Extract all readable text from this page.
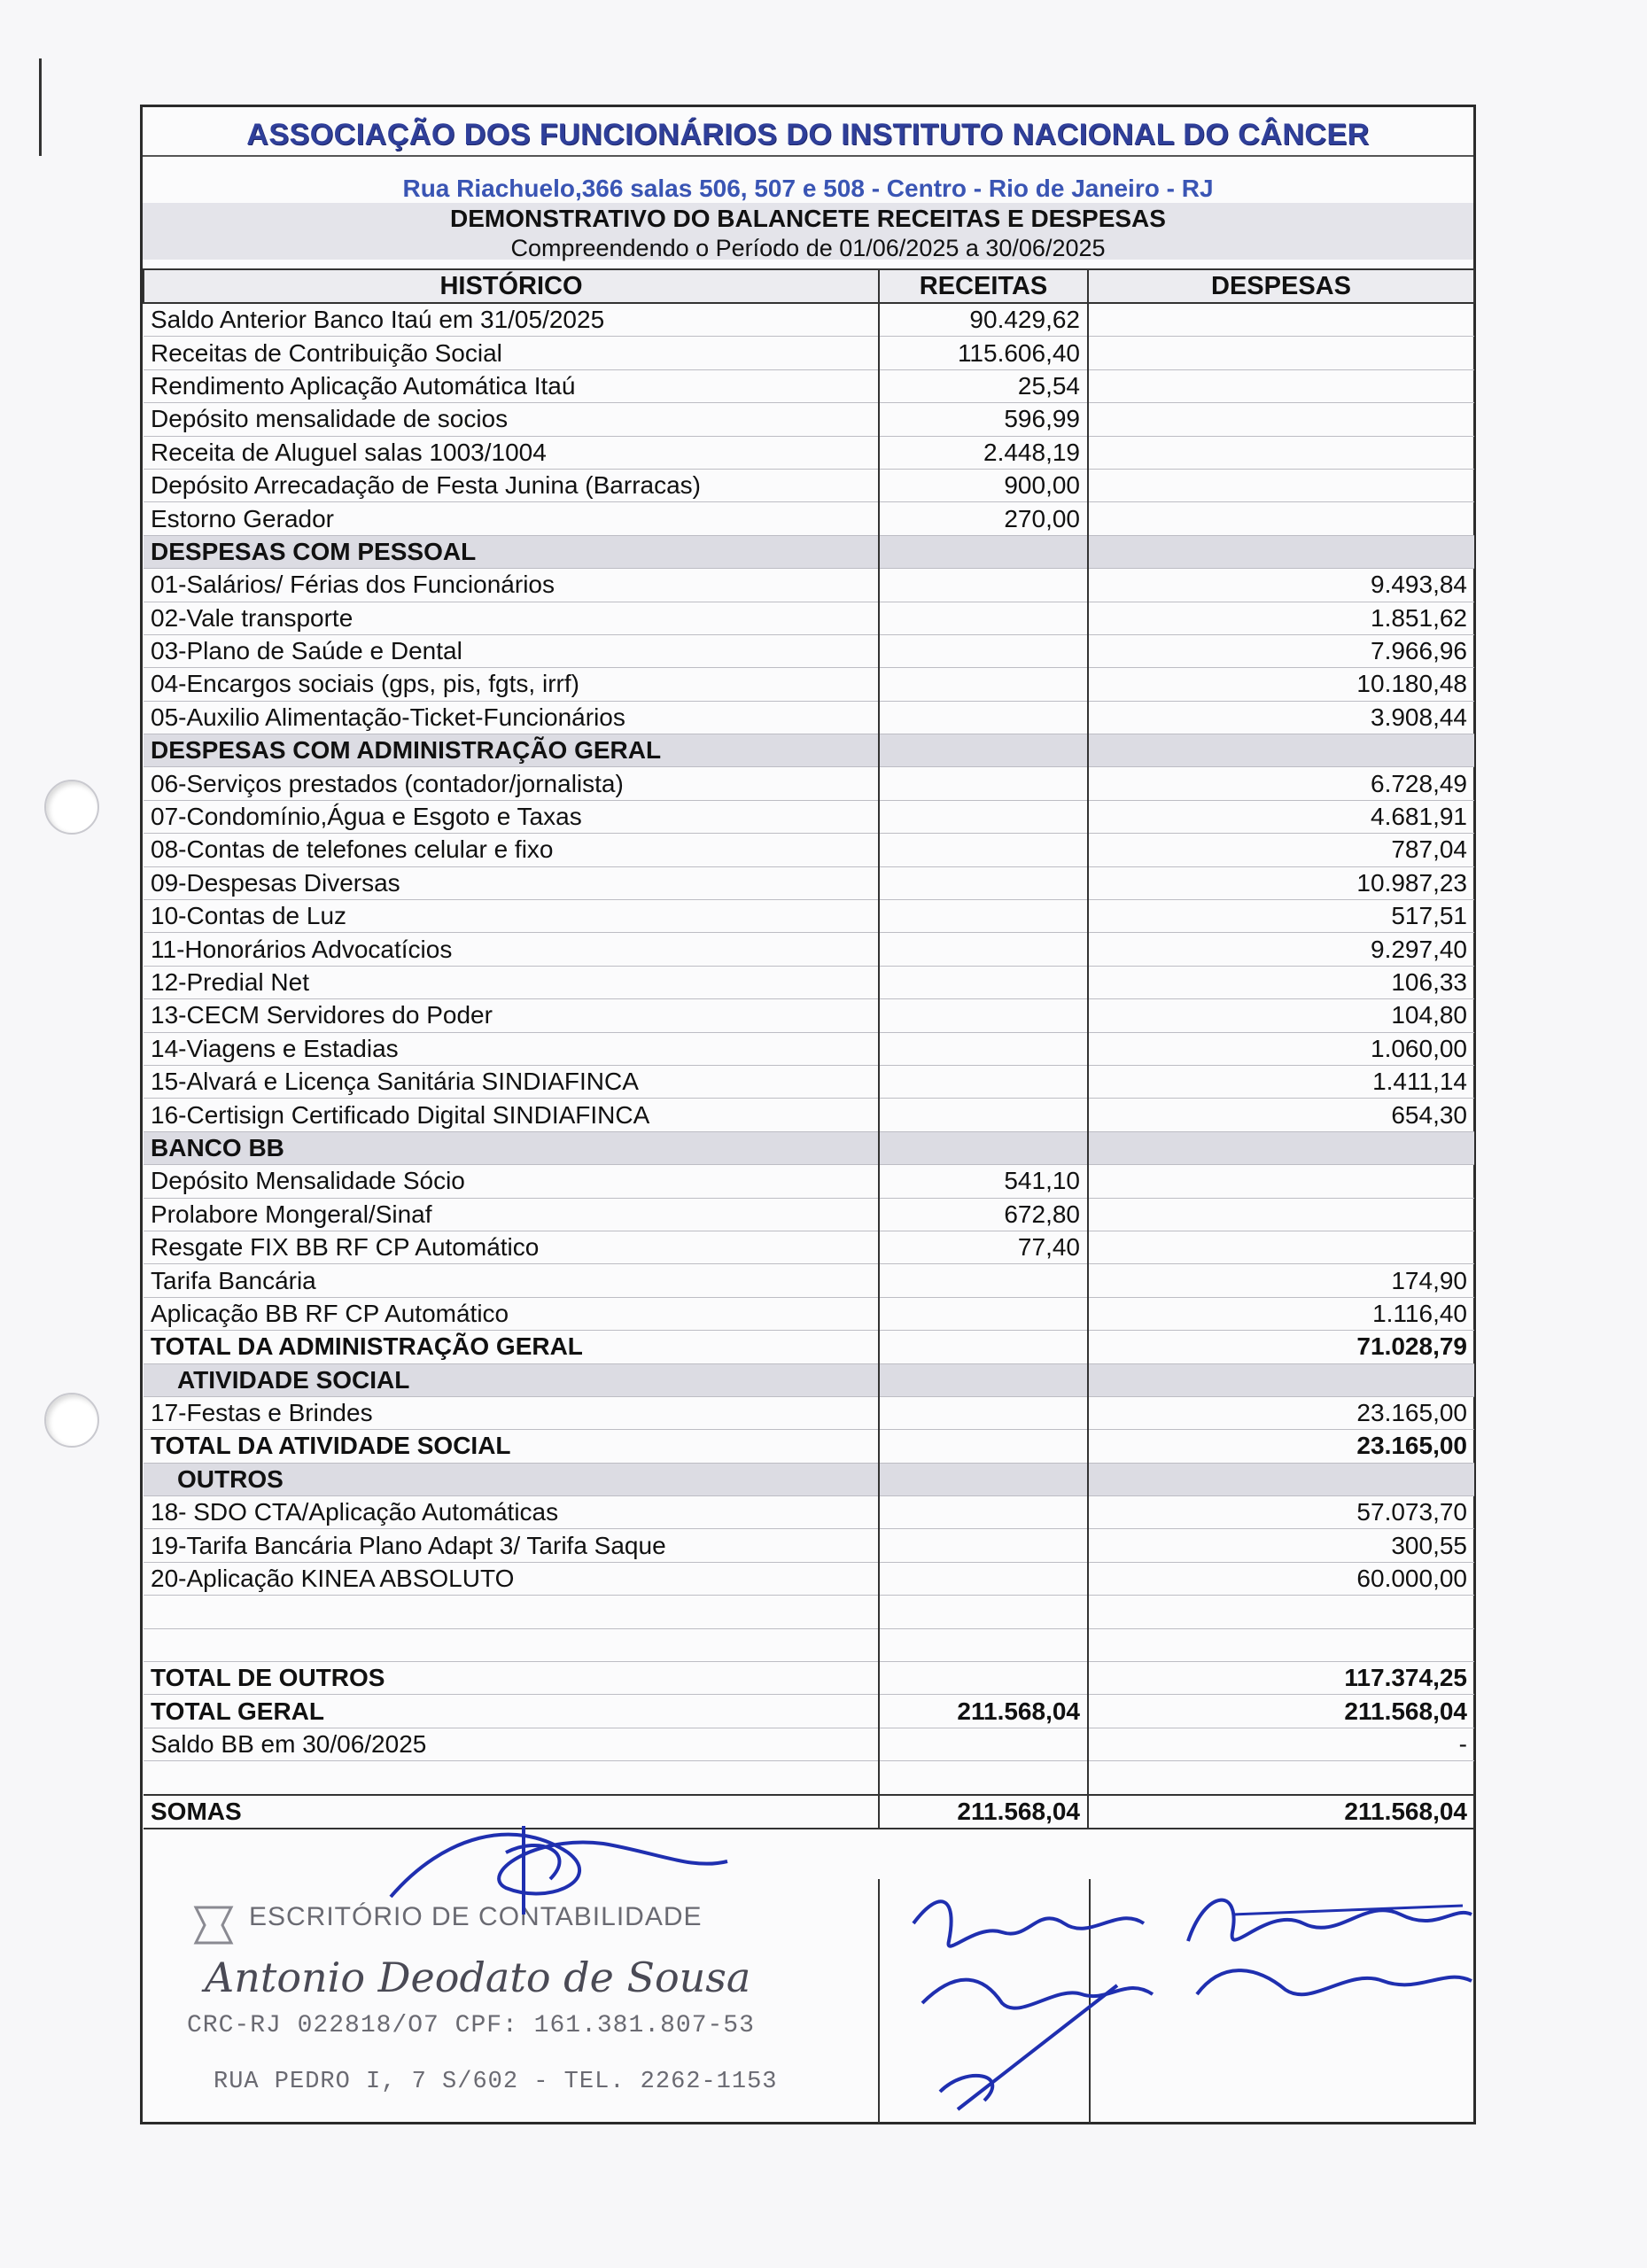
ASSOCIAÇÃO DOS FUNCIONÁRIOS DO INSTITUTO NACIONAL DO CÂNCER
Rua Riachuelo,366 salas 506, 507 e 508 - Centro - Rio de Janeiro - RJ
DEMONSTRATIVO DO BALANCETE RECEITAS E DESPESAS
Compreendendo o Período de 01/06/2025 a 30/06/2025
HISTÓRICO	RECEITAS	DESPESAS
Saldo Anterior Banco Itaú em 31/05/2025	90.429,62	
Receitas de Contribuição Social	115.606,40	
Rendimento Aplicação Automática Itaú	25,54	
Depósito mensalidade de socios	596,99	
Receita de Aluguel salas 1003/1004	2.448,19	
Depósito Arrecadação de Festa Junina (Barracas)	900,00	
Estorno Gerador	270,00	
DESPESAS COM PESSOAL		
01-Salários/ Férias dos Funcionários		9.493,84
02-Vale transporte		1.851,62
03-Plano de Saúde e Dental		7.966,96
04-Encargos sociais (gps, pis, fgts, irrf)		10.180,48
05-Auxilio Alimentação-Ticket-Funcionários		3.908,44
DESPESAS COM ADMINISTRAÇÃO GERAL		
06-Serviços prestados (contador/jornalista)		6.728,49
07-Condomínio,Água e Esgoto e Taxas		4.681,91
08-Contas de telefones celular e fixo		787,04
09-Despesas Diversas		10.987,23
10-Contas de Luz		517,51
11-Honorários Advocatícios		9.297,40
12-Predial Net		106,33
13-CECM Servidores do Poder		104,80
14-Viagens e Estadias		1.060,00
15-Alvará e Licença Sanitária SINDIAFINCA		1.411,14
16-Certisign Certificado Digital SINDIAFINCA		654,30
BANCO BB		
Depósito Mensalidade Sócio	541,10	
Prolabore Mongeral/Sinaf	672,80	
Resgate FIX BB RF CP Automático	77,40	
Tarifa Bancária		174,90
Aplicação BB RF CP Automático		1.116,40
TOTAL DA ADMINISTRAÇÃO GERAL		71.028,79
ATIVIDADE SOCIAL		
17-Festas e Brindes		23.165,00
TOTAL DA ATIVIDADE SOCIAL		23.165,00
OUTROS		
18- SDO CTA/Aplicação Automáticas		57.073,70
19-Tarifa Bancária Plano Adapt 3/ Tarifa Saque		300,55
20-Aplicação KINEA ABSOLUTO		60.000,00

TOTAL DE OUTROS		117.374,25
TOTAL GERAL	211.568,04	211.568,04
Saldo BB em 30/06/2025		-

SOMAS	211.568,04	211.568,04
ESCRITÓRIO DE CONTABILIDADE
Antonio Deodato de Sousa
CRC-RJ 022818/O7 CPF: 161.381.807-53
RUA PEDRO I, 7 S/602 - TEL. 2262-1153
